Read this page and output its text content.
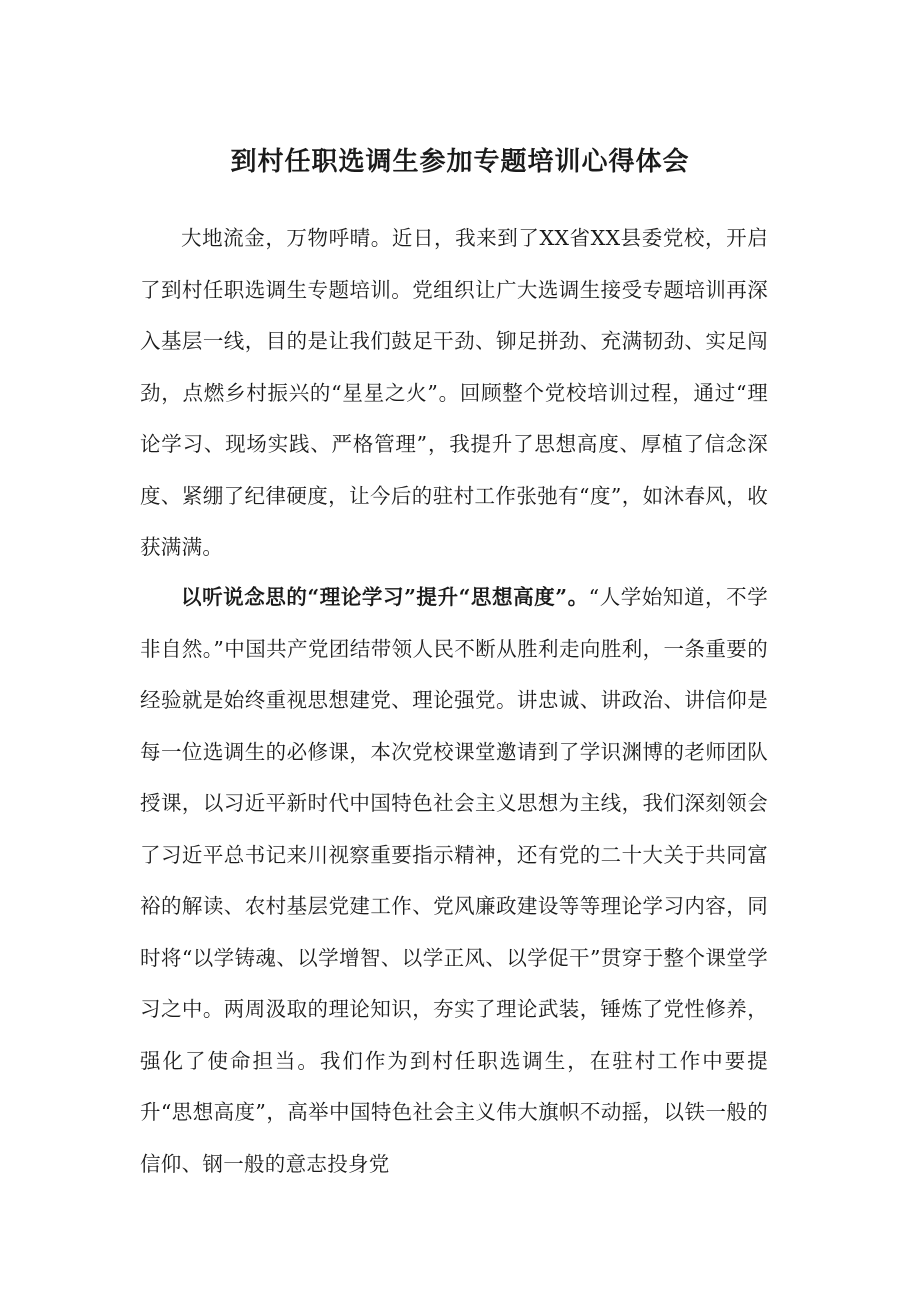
到村任职选调生参加专题培训心得体会

大地流金，万物呼晴。近日，我来到了XX省XX县委党校，开启了到村任职选调生专题培训。党组织让广大选调生接受专题培训再深入基层一线，目的是让我们鼓足干劲、铆足拼劲、充满韧劲、实足闯劲，点燃乡村振兴的“星星之火”。回顾整个党校培训过程，通过“理论学习、现场实践、严格管理”，我提升了思想高度、厚植了信念深度、紧绷了纪律硬度，让今后的驻村工作张弛有“度”，如沐春风，收获满满。

以听说念思的“理论学习”提升“思想高度”。“人学始知道，不学非自然。”中国共产党团结带领人民不断从胜利走向胜利，一条重要的经验就是始终重视思想建党、理论强党。讲忠诚、讲政治、讲信仰是每一位选调生的必修课，本次党校课堂邀请到了学识渊博的老师团队授课，以习近平新时代中国特色社会主义思想为主线，我们深刻领会了习近平总书记来川视察重要指示精神，还有党的二十大关于共同富裕的解读、农村基层党建工作、党风廉政建设等等理论学习内容，同时将“以学铸魂、以学增智、以学正风、以学促干”贯穿于整个课堂学习之中。两周汲取的理论知识，夯实了理论武装，锤炼了党性修养，强化了使命担当。我们作为到村任职选调生，在驻村工作中要提升“思想高度”，高举中国特色社会主义伟大旗帜不动摇，以铁一般的信仰、钢一般的意志投身党
